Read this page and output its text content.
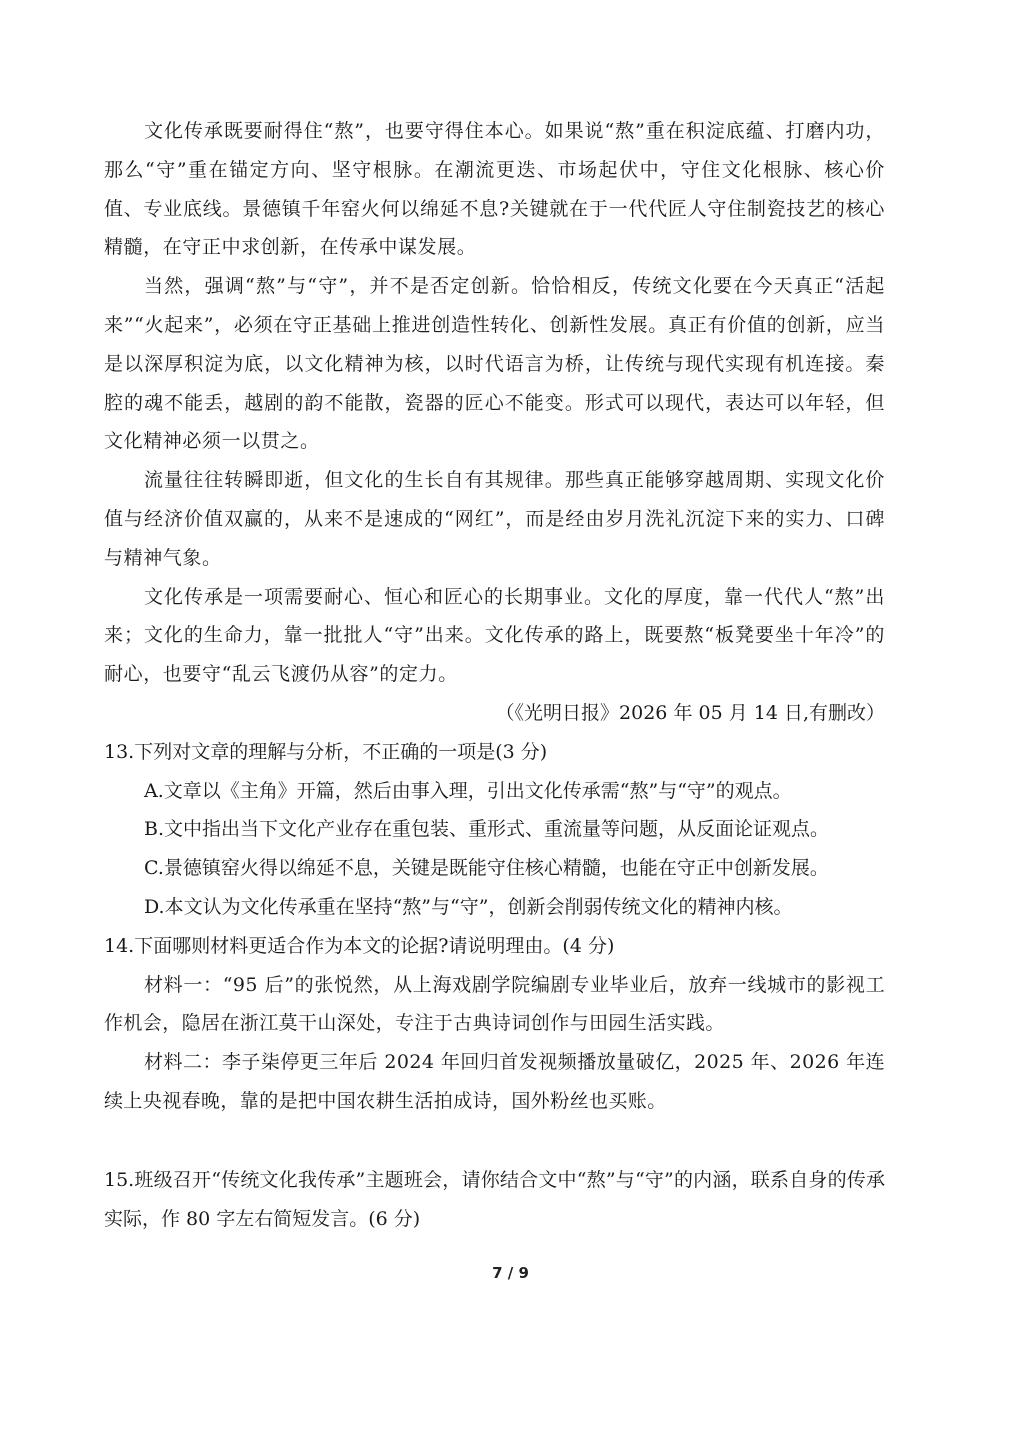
文化传承既要耐得住“熬”，也要守得住本心。如果说“熬”重在积淀底蕴、打磨内功，那么“守”重在锚定方向、坚守根脉。在潮流更迭、市场起伏中，守住文化根脉、核心价值、专业底线。景德镇千年窑火何以绵延不息?关键就在于一代代匠人守住制瓷技艺的核心精髓，在守正中求创新，在传承中谋发展。

当然，强调“熬”与“守”，并不是否定创新。恰恰相反，传统文化要在今天真正“活起来”“火起来”，必须在守正基础上推进创造性转化、创新性发展。真正有价值的创新，应当是以深厚积淀为底，以文化精神为核，以时代语言为桥，让传统与现代实现有机连接。秦腔的魂不能丢，越剧的韵不能散，瓷器的匠心不能变。形式可以现代，表达可以年轻，但文化精神必须一以贯之。

流量往往转瞬即逝，但文化的生长自有其规律。那些真正能够穿越周期、实现文化价值与经济价值双赢的，从来不是速成的“网红”，而是经由岁月洗礼沉淀下来的实力、口碑与精神气象。

文化传承是一项需要耐心、恒心和匠心的长期事业。文化的厚度，靠一代代人“熬”出来；文化的生命力，靠一批批人“守”出来。文化传承的路上，既要熬“板凳要坐十年冷”的耐心，也要守“乱云飞渡仍从容”的定力。

（《光明日报》2026 年 05 月 14 日,有删改）

13.下列对文章的理解与分析，不正确的一项是(3 分)

A.文章以《主角》开篇，然后由事入理，引出文化传承需“熬”与“守”的观点。

B.文中指出当下文化产业存在重包装、重形式、重流量等问题，从反面论证观点。

C.景德镇窑火得以绵延不息，关键是既能守住核心精髓，也能在守正中创新发展。

D.本文认为文化传承重在坚持“熬”与“守”，创新会削弱传统文化的精神内核。

14.下面哪则材料更适合作为本文的论据?请说明理由。(4 分)

材料一：“95 后”的张悦然，从上海戏剧学院编剧专业毕业后，放弃一线城市的影视工作机会，隐居在浙江莫干山深处，专注于古典诗词创作与田园生活实践。

材料二：李子柒停更三年后 2024 年回归首发视频播放量破亿，2025 年、2026 年连续上央视春晚，靠的是把中国农耕生活拍成诗，国外粉丝也买账。

15.班级召开“传统文化我传承”主题班会，请你结合文中“熬”与“守”的内涵，联系自身的传承实际，作 80 字左右简短发言。(6 分)

7 / 9
